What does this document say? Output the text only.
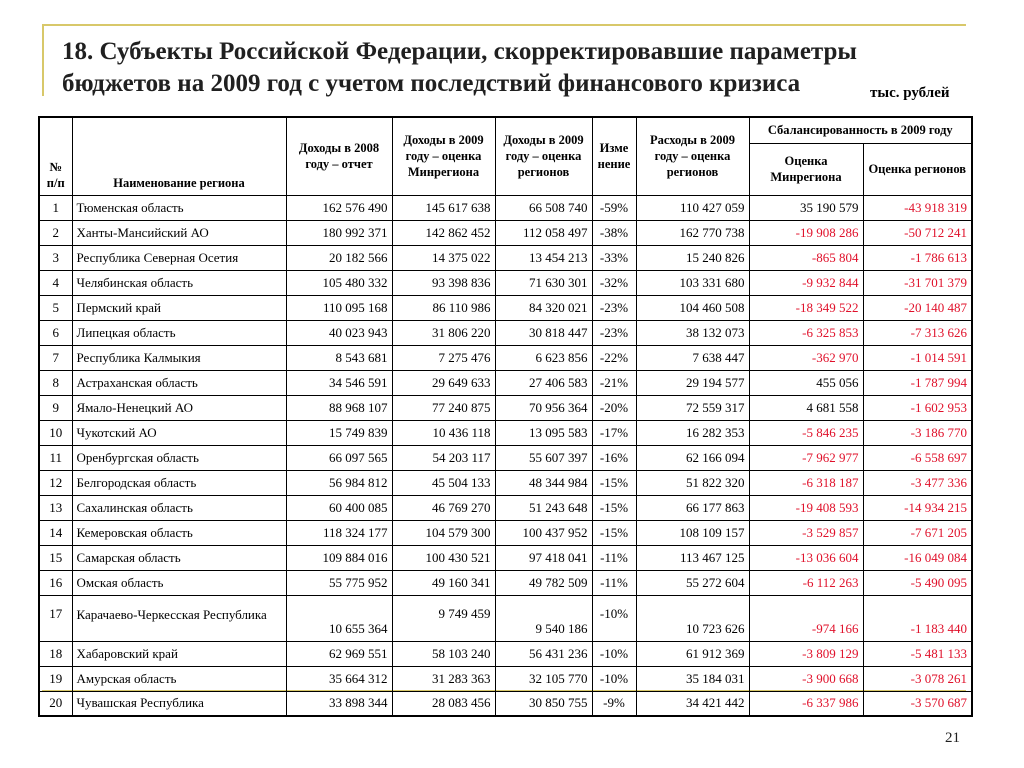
18. Субъекты Российской Федерации, скорректировавшие параметры бюджетов на 2009 год с учетом последствий финансового кризиса	тыс. рублей
№ п/п	Наименование региона	Доходы в 2008 году – отчет	Доходы в 2009 году – оценка Минрегиона	Доходы в 2009 году – оценка регионов	Изме нение	Расходы в 2009 году – оценка регионов	Сбалансированность в 2009 году	
							Оценка Минрегиона	Оценка регионов
1	Тюменская область	162 576 490	145 617 638	66 508 740	-59%	110 427 059	35 190 579	-43 918 319
2	Ханты-Мансийский АО	180 992 371	142 862 452	112 058 497	-38%	162 770 738	-19 908 286	-50 712 241
3	Республика Северная Осетия	20 182 566	14 375 022	13 454 213	-33%	15 240 826	-865 804	-1 786 613
4	Челябинская область	105 480 332	93 398 836	71 630 301	-32%	103 331 680	-9 932 844	-31 701 379
5	Пермский край	110 095 168	86 110 986	84 320 021	-23%	104 460 508	-18 349 522	-20 140 487
6	Липецкая область	40 023 943	31 806 220	30 818 447	-23%	38 132 073	-6 325 853	-7 313 626
7	Республика Калмыкия	8 543 681	7 275 476	6 623 856	-22%	7 638 447	-362 970	-1 014 591
8	Астраханская область	34 546 591	29 649 633	27 406 583	-21%	29 194 577	455 056	-1 787 994
9	Ямало-Ненецкий АО	88 968 107	77 240 875	70 956 364	-20%	72 559 317	4 681 558	-1 602 953
10	Чукотский АО	15 749 839	10 436 118	13 095 583	-17%	16 282 353	-5 846 235	-3 186 770
11	Оренбургская область	66 097 565	54 203 117	55 607 397	-16%	62 166 094	-7 962 977	-6 558 697
12	Белгородская область	56 984 812	45 504 133	48 344 984	-15%	51 822 320	-6 318 187	-3 477 336
13	Сахалинская область	60 400 085	46 769 270	51 243 648	-15%	66 177 863	-19 408 593	-14 934 215
14	Кемеровская область	118 324 177	104 579 300	100 437 952	-15%	108 109 157	-3 529 857	-7 671 205
15	Самарская область	109 884 016	100 430 521	97 418 041	-11%	113 467 125	-13 036 604	-16 049 084
16	Омская область	55 775 952	49 160 341	49 782 509	-11%	55 272 604	-6 112 263	-5 490 095
17	Карачаево-Черкесская Республика	10 655 364	9 749 459	9 540 186	-10%	10 723 626	-974 166	-1 183 440
18	Хабаровский край	62 969 551	58 103 240	56 431 236	-10%	61 912 369	-3 809 129	-5 481 133
19	Амурская область	35 664 312	31 283 363	32 105 770	-10%	35 184 031	-3 900 668	-3 078 261
20	Чувашская Республика	33 898 344	28 083 456	30 850 755	-9%	34 421 442	-6 337 986	-3 570 687
21
